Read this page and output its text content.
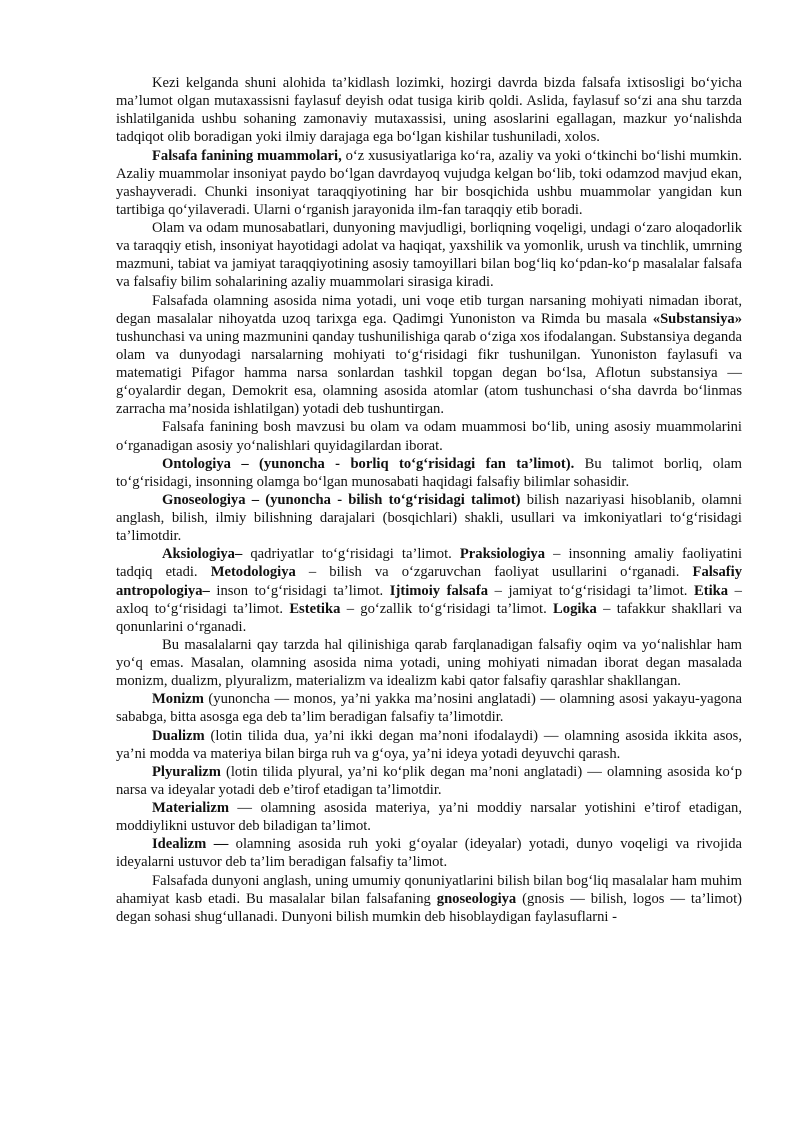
Kezi kelganda shuni alohida ta’kidlash lozimki, hozirgi davrda bizda falsafa ixtisosligi bo‘yicha ma’lumot olgan mutaxassisni faylasuf deyish odat tusiga kirib qoldi. Aslida, faylasuf so‘zi ana shu tarzda ishlatilganida ushbu sohaning zamonaviy mutaxassisi, uning asoslarini egallagan, mazkur yo‘nalishda tadqiqot olib boradigan yoki ilmiy darajaga ega bo‘lgan kishilar tushuniladi, xolos.

Falsafa fanining muammolari, o‘z xususiyatlariga ko‘ra, azaliy va yoki o‘tkinchi bo‘lishi mumkin. Azaliy muammolar insoniyat paydo bo‘lgan davrdayoq vujudga kelgan bo‘lib, toki odamzod mavjud ekan, yashayveradi. Chunki insoniyat taraqqiyotining har bir bosqichida ushbu muammolar yangidan kun tartibiga qo‘yilaveradi. Ularni o‘rganish jarayonida ilm-fan taraqqiy etib boradi.

Olam va odam munosabatlari, dunyoning mavjudligi, borliqning voqeligi, undagi o‘zaro aloqadorlik va taraqqiy etish, insoniyat hayotidagi adolat va haqiqat, yaxshilik va yomonlik, urush va tinchlik, umrning mazmuni, tabiat va jamiyat taraqqiyotining asosiy tamoyillari bilan bog‘liq ko‘pdan-ko‘p masalalar falsafa va falsafiy bilim sohalarining azaliy muammolari sirasiga kiradi.

Falsafada olamning asosida nima yotadi, uni voqe etib turgan narsaning mohiyati nimadan iborat, degan masalalar nihoyatda uzoq tarixga ega. Qadimgi Yunoniston va Rimda bu masala «Substansiya» tushunchasi va uning mazmunini qanday tushunilishiga qarab o‘ziga xos ifodalangan. Substansiya deganda olam va dunyodagi narsalarning mohiyati to‘g‘risidagi fikr tushunilgan. Yunoniston faylasufi va matematigi Pifagor hamma narsa sonlardan tashkil topgan degan bo‘lsa, Aflotun substansiya — g‘oyalardir degan, Demokrit esa, olamning asosida atomlar (atom tushunchasi o‘sha davrda bo‘linmas zarracha ma’nosida ishlatilgan) yotadi deb tushuntirgan.

Falsafa fanining bosh mavzusi bu olam va odam muammosi bo‘lib, uning asosiy muammolarini o‘rganadigan asosiy yo‘nalishlari quyidagilardan iborat.

Ontologiya – (yunoncha - borliq to‘g‘risidagi fan ta’limot). Bu talimot borliq, olam to‘g‘risidagi, insonning olamga bo‘lgan munosabati haqidagi falsafiy bilimlar sohasidir.

Gnoseologiya – (yunoncha - bilish to‘g‘risidagi talimot) bilish nazariyasi hisoblanib, olamni anglash, bilish, ilmiy bilishning darajalari (bosqichlari) shakli, usullari va imkoniyatlari to‘g‘risidagi ta’limotdir.

Aksiologiya– qadriyatlar to‘g‘risidagi ta’limot. Praksiologiya – insonning amaliy faoliyatini tadqiq etadi. Metodologiya – bilish va o‘zgaruvchan faoliyat usullarini o‘rganadi. Falsafiy antropologiya– inson to‘g‘risidagi ta’limot. Ijtimoiy falsafa – jamiyat to‘g‘risidagi ta’limot. Etika – axloq to‘g‘risidagi ta’limot. Estetika – go‘zallik to‘g‘risidagi ta’limot. Logika – tafakkur shakllari va qonunlarini o‘rganadi.

Bu masalalarni qay tarzda hal qilinishiga qarab farqlanadigan falsafiy oqim va yo‘nalishlar ham yo‘q emas. Masalan, olamning asosida nima yotadi, uning mohiyati nimadan iborat degan masalada monizm, dualizm, plyuralizm, materializm va idealizm kabi qator falsafiy qarashlar shakllangan.

Monizm (yunoncha — monos, ya’ni yakka ma’nosini anglatadi) — olamning asosi yakayu-yagona sababga, bitta asosga ega deb ta’lim beradigan falsafiy ta’limotdir.

Dualizm (lotin tilida dua, ya’ni ikki degan ma’noni ifodalaydi) — olamning asosida ikkita asos, ya’ni modda va materiya bilan birga ruh va g‘oya, ya’ni ideya yotadi deyuvchi qarash.

Plyuralizm (lotin tilida plyural, ya’ni ko‘plik degan ma’noni anglatadi) — olamning asosida ko‘p narsa va ideyalar yotadi deb e’tirof etadigan ta’limotdir.

Materializm — olamning asosida materiya, ya’ni moddiy narsalar yotishini e’tirof etadigan, moddiylikni ustuvor deb biladigan ta’limot.

Idealizm — olamning asosida ruh yoki g‘oyalar (ideyalar) yotadi, dunyo voqeligi va rivojida ideyalarni ustuvor deb ta’lim beradigan falsafiy ta’limot.

Falsafada dunyoni anglash, uning umumiy qonuniyatlarini bilish bilan bog‘liq masalalar ham muhim ahamiyat kasb etadi. Bu masalalar bilan falsafaning gnoseologiya (gnosis — bilish, logos — ta’limot) degan sohasi shug‘ullanadi. Dunyoni bilish mumkin deb hisoblaydigan faylasuflarni -
